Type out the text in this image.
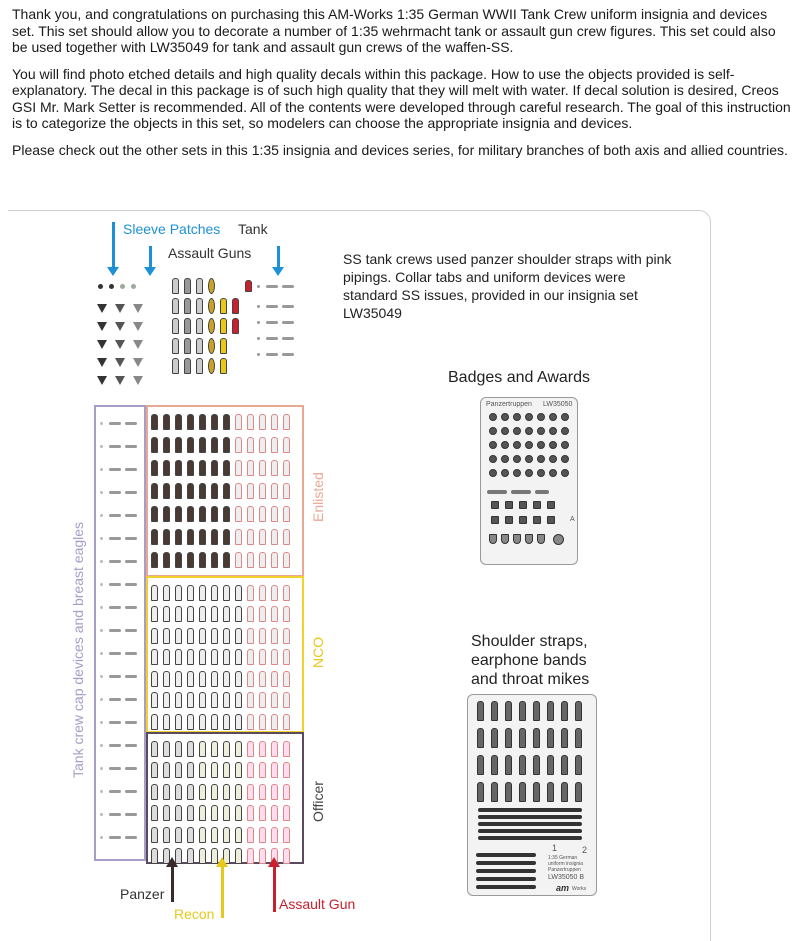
Thank you, and congratulations on purchasing this AM-Works 1:35 German WWII Tank Crew uniform insignia and devices set. This set should allow you to decorate a number of 1:35 wehrmacht tank or assault gun crew figures. This set could also be used together with LW35049 for tank and assault gun crews of the waffen-SS.

You will find photo etched details and high quality decals within this package. How to use the objects provided is self-explanatory. The decal in this package is of such high quality that they will melt with water. If decal solution is desired, Creos GSI Mr. Mark Setter is recommended. All of the contents were developed through careful research. The goal of this instruction is to categorize the objects in this set, so modelers can choose the appropriate insignia and devices.

Please check out the other sets in this 1:35 insignia and devices series, for military branches of both axis and allied countries.

Sleeve Patches Tank
Assault Guns
Tank crew cap devices and breast eagles
Enlisted
NCO
Officer
Panzer
Recon
Assault Gun
SS tank crews used panzer shoulder straps with pink pipings. Collar tabs and uniform devices were standard SS issues, provided in our insignia set LW35049
Badges and Awards
Panzertruppen LW35050
A
Shoulder straps,
earphone bands
and throat mikes
1	2
1:35 German
uniform insignia
Panzertruppen
LW35050 B
am Works
